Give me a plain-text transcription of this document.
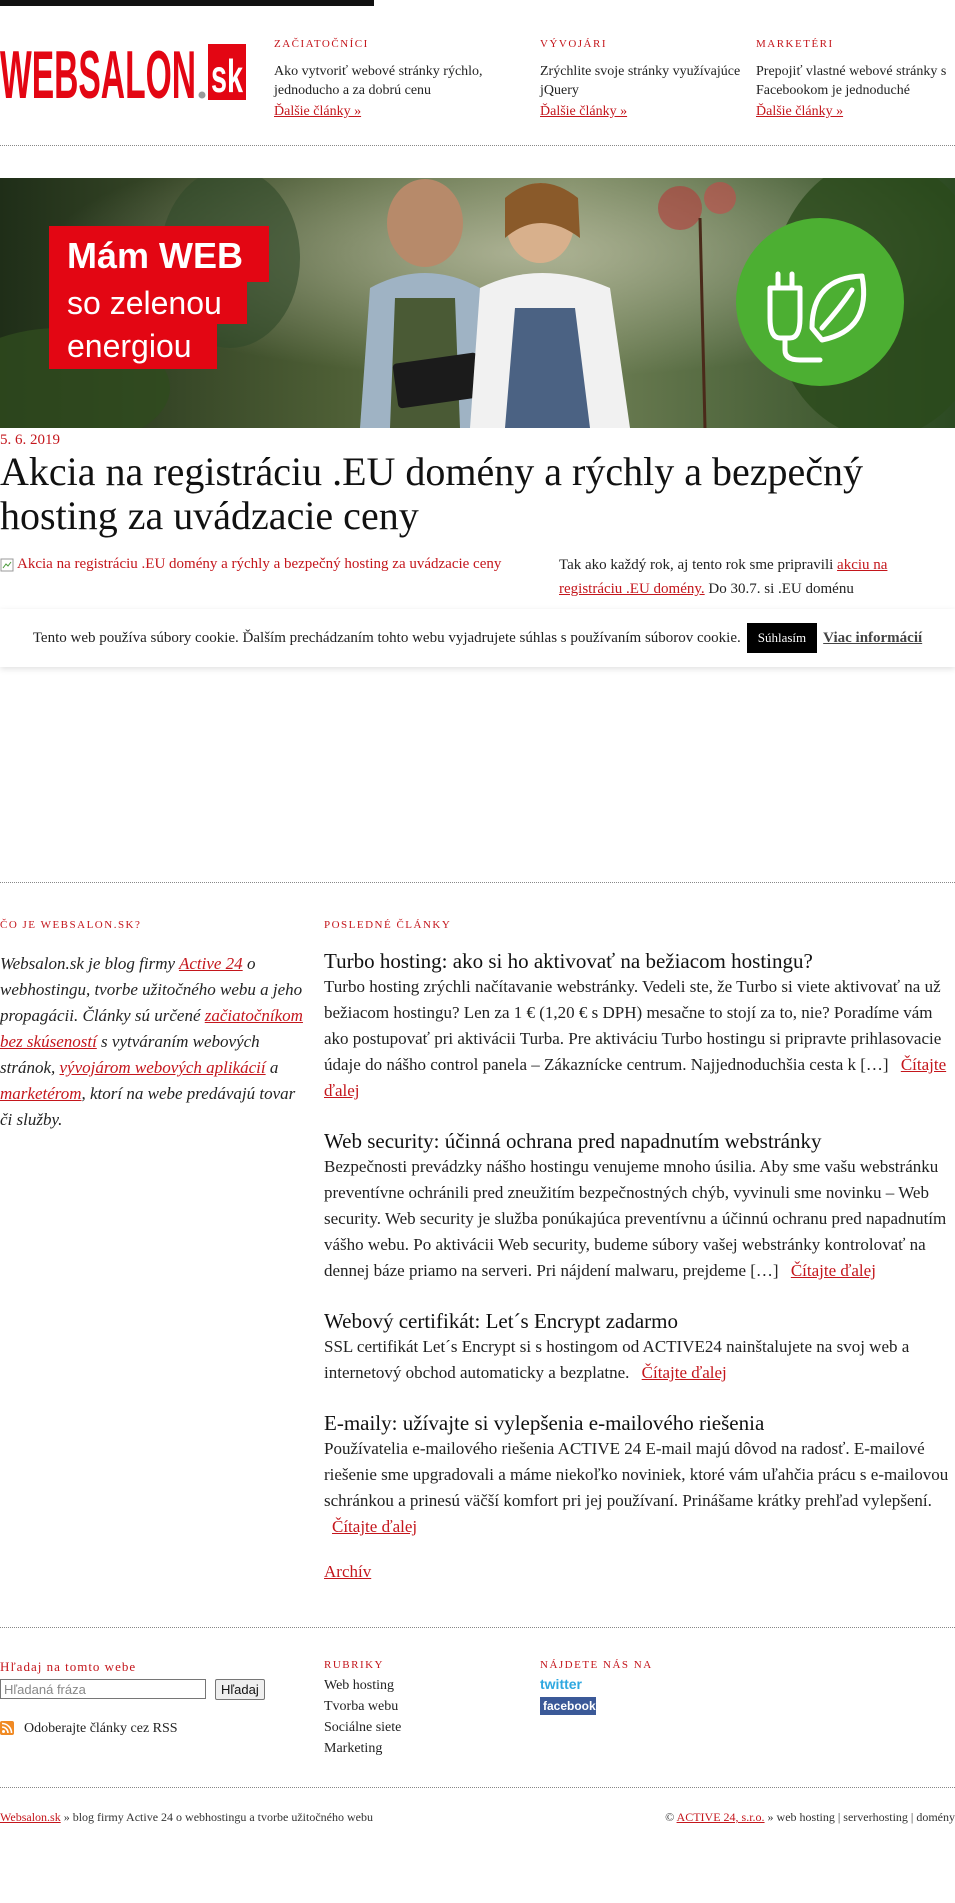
WEBSALON sk
ZAČIATOČNÍCI
Ako vytvoriť webové stránky rýchlo, jednoducho a za dobrú cenu
Ďalšie články »
VÝVOJÁRI
Zrýchlite svoje stránky využívajúce jQuery
Ďalšie články »
MARKETÉRI
Prepojiť vlastné webové stránky s Facebookom je jednoduché
Ďalšie články »
Mám WEB
so zelenou
energiou
5. 6. 2019
Akcia na registráciu .EU domény a rýchly a bezpečný hosting za uvádzacie ceny
Akcia na registráciu .EU domény a rýchly a bezpečný hosting za uvádzacie ceny	Tak ako každý rok, aj tento rok sme pripravili akciu na registráciu .EU domény. Do 30.7. si .EU doménu
Tento web používa súbory cookie. Ďalším prechádzaním tohto webu vyjadrujete súhlas s používaním súborov cookie.	Súhlasím	Viac informácií
ČO JE WEBSALON.SK?
Websalon.sk je blog firmy Active 24 o webhostingu, tvorbe užitočného webu a jeho propagácii. Články sú určené začiatočníkom bez skúseností s vytváraním webových stránok, vývojárom webových aplikácií a marketérom, ktorí na webe predávajú tovar či služby.
POSLEDNÉ ČLÁNKY
Turbo hosting: ako si ho aktivovať na bežiacom hostingu?

Turbo hosting zrýchli načítavanie webstránky. Vedeli ste, že Turbo si viete aktivovať na už bežiacom hostingu? Len za 1 € (1,20 € s DPH) mesačne to stojí za to, nie? Poradíme vám ako postupovať pri aktivácii Turba. Pre aktiváciu Turbo hostingu si pripravte prihlasovacie údaje do nášho control panela – Zákaznícke centrum. Najjednoduchšia cesta k […] Čítajte ďalej

Web security: účinná ochrana pred napadnutím webstránky

Bezpečnosti prevádzky nášho hostingu venujeme mnoho úsilia. Aby sme vašu webstránku preventívne ochránili pred zneužitím bezpečnostných chýb, vyvinuli sme novinku – Web security. Web security je služba ponúkajúca preventívnu a účinnú ochranu pred napadnutím vášho webu. Po aktivácii Web security, budeme súbory vašej webstránky kontrolovať na dennej báze priamo na serveri. Pri nájdení malwaru, prejdeme […] Čítajte ďalej

Webový certifikát: Let´s Encrypt zadarmo

SSL certifikát Let´s Encrypt si s hostingom od ACTIVE24 nainštalujete na svoj web a internetový obchod automaticky a bezplatne. Čítajte ďalej

E-maily: užívajte si vylepšenia e-mailového riešenia

Používatelia e-mailového riešenia ACTIVE 24 E-mail majú dôvod na radosť. E-mailové riešenie sme upgradovali a máme niekoľko noviniek, ktoré vám uľahčia prácu s e-mailovou schránkou a prinesú väčší komfort pri jej používaní. Prinášame krátky prehľad vylepšení. Čítajte ďalej

Archív
Hľadaj na tomto webe
Hľadaná fráza
Hľadaj
Odoberajte články cez RSS
RUBRIKY
Web hosting
Tvorba webu
Sociálne siete
Marketing
NÁJDETE NÁS NA
twitter
facebook
Websalon.sk » blog firmy Active 24 o webhostingu a tvorbe užitočného webu	© ACTIVE 24, s.r.o. » web hosting | serverhosting | domény
